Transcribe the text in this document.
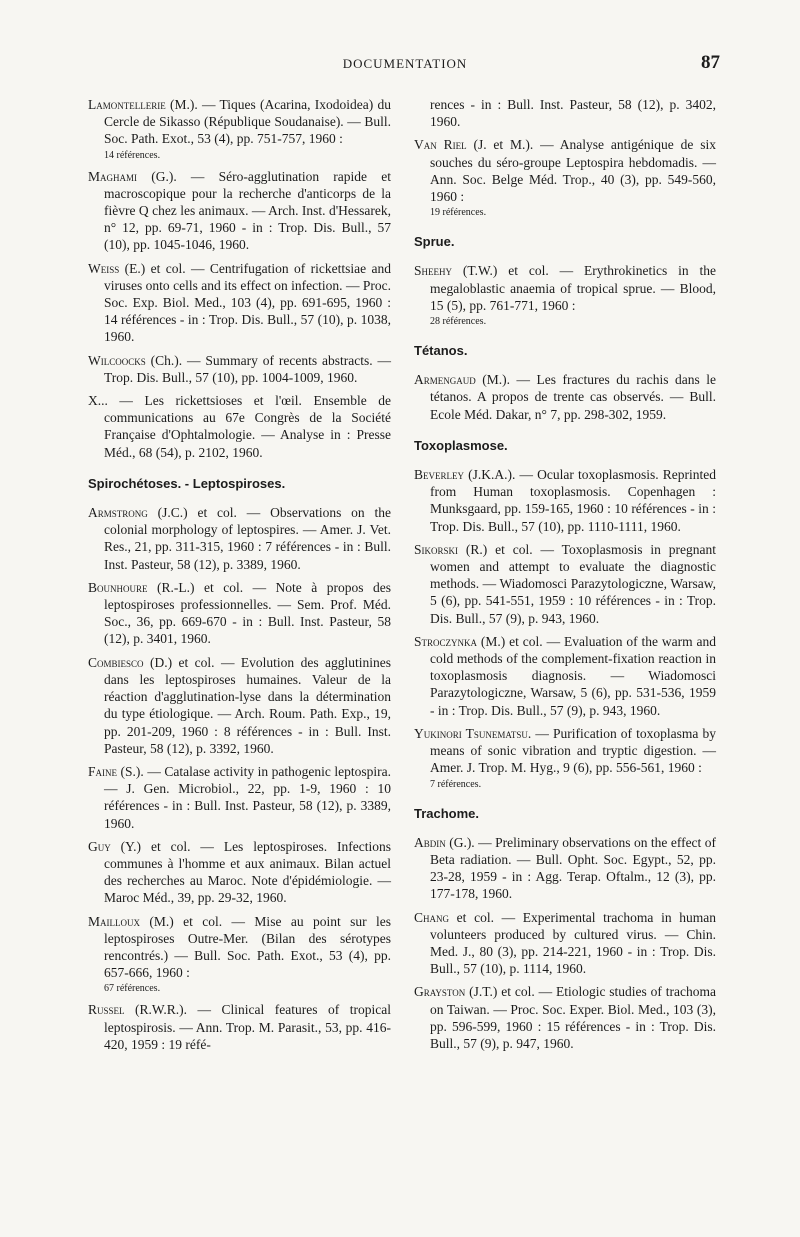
DOCUMENTATION	87
Lamontellerie (M.). — Tiques (Acarina, Ixodoidea) du Cercle de Sikasso (République Soudanaise). — Bull. Soc. Path. Exot., 53 (4), pp. 751-757, 1960 :
14 références.
Maghami (G.). — Séro-agglutination rapide et macroscopique pour la recherche d'anticorps de la fièvre Q chez les animaux. — Arch. Inst. d'Hessarek, n° 12, pp. 69-71, 1960 - in : Trop. Dis. Bull., 57 (10), pp. 1045-1046, 1960.
Weiss (E.) et col. — Centrifugation of rickettsiae and viruses onto cells and its effect on infection. — Proc. Soc. Exp. Biol. Med., 103 (4), pp. 691-695, 1960 : 14 références - in : Trop. Dis. Bull., 57 (10), p. 1038, 1960.
Wilcoocks (Ch.). — Summary of recents abstracts. — Trop. Dis. Bull., 57 (10), pp. 1004-1009, 1960.
X... — Les rickettsioses et l'œil. Ensemble de communications au 67e Congrès de la Société Française d'Ophtalmologie. — Analyse in : Presse Méd., 68 (54), p. 2102, 1960.
Spirochétoses. - Leptospiroses.
Armstrong (J.C.) et col. — Observations on the colonial morphology of leptospires. — Amer. J. Vet. Res., 21, pp. 311-315, 1960 : 7 références - in : Bull. Inst. Pasteur, 58 (12), p. 3389, 1960.
Bounhoure (R.-L.) et col. — Note à propos des leptospiroses professionnelles. — Sem. Prof. Méd. Soc., 36, pp. 669-670 - in : Bull. Inst. Pasteur, 58 (12), p. 3401, 1960.
Combiesco (D.) et col. — Evolution des agglutinines dans les leptospiroses humaines. Valeur de la réaction d'agglutination-lyse dans la détermination du type étiologique. — Arch. Roum. Path. Exp., 19, pp. 201-209, 1960 : 8 références - in : Bull. Inst. Pasteur, 58 (12), p. 3392, 1960.
Faine (S.). — Catalase activity in pathogenic leptospira. — J. Gen. Microbiol., 22, pp. 1-9, 1960 : 10 références - in : Bull. Inst. Pasteur, 58 (12), p. 3389, 1960.
Guy (Y.) et col. — Les leptospiroses. Infections communes à l'homme et aux animaux. Bilan actuel des recherches au Maroc. Note d'épidémiologie. — Maroc Méd., 39, pp. 29-32, 1960.
Mailloux (M.) et col. — Mise au point sur les leptospiroses Outre-Mer. (Bilan des sérotypes rencontrés.) — Bull. Soc. Path. Exot., 53 (4), pp. 657-666, 1960 :
67 références.
Russel (R.W.R.). — Clinical features of tropical leptospirosis. — Ann. Trop. M. Parasit., 53, pp. 416-420, 1959 : 19 réfé-
rences - in : Bull. Inst. Pasteur, 58 (12), p. 3402, 1960.
Van Riel (J. et M.). — Analyse antigénique de six souches du séro-groupe Leptospira hebdomadis. — Ann. Soc. Belge Méd. Trop., 40 (3), pp. 549-560, 1960 :
19 références.
Sprue.
Sheehy (T.W.) et col. — Erythrokinetics in the megaloblastic anaemia of tropical sprue. — Blood, 15 (5), pp. 761-771, 1960 :
28 références.
Tétanos.
Armengaud (M.). — Les fractures du rachis dans le tétanos. A propos de trente cas observés. — Bull. Ecole Méd. Dakar, n° 7, pp. 298-302, 1959.
Toxoplasmose.
Beverley (J.K.A.). — Ocular toxoplasmosis. Reprinted from Human toxoplasmosis. Copenhagen : Munksgaard, pp. 159-165, 1960 : 10 références - in : Trop. Dis. Bull., 57 (10), pp. 1110-1111, 1960.
Sikorski (R.) et col. — Toxoplasmosis in pregnant women and attempt to evaluate the diagnostic methods. — Wiadomosci Parazytologiczne, Warsaw, 5 (6), pp. 541-551, 1959 : 10 références - in : Trop. Dis. Bull., 57 (9), p. 943, 1960.
Stroczynka (M.) et col. — Evaluation of the warm and cold methods of the complement-fixation reaction in toxoplasmosis diagnosis. — Wiadomosci Parazytologiczne, Warsaw, 5 (6), pp. 531-536, 1959 - in : Trop. Dis. Bull., 57 (9), p. 943, 1960.
Yukinori Tsunematsu. — Purification of toxoplasma by means of sonic vibration and tryptic digestion. — Amer. J. Trop. M. Hyg., 9 (6), pp. 556-561, 1960 :
7 références.
Trachome.
Abdin (G.). — Preliminary observations on the effect of Beta radiation. — Bull. Opht. Soc. Egypt., 52, pp. 23-28, 1959 - in : Agg. Terap. Oftalm., 12 (3), pp. 177-178, 1960.
Chang et col. — Experimental trachoma in human volunteers produced by cultured virus. — Chin. Med. J., 80 (3), pp. 214-221, 1960 - in : Trop. Dis. Bull., 57 (10), p. 1114, 1960.
Grayston (J.T.) et col. — Etiologic studies of trachoma on Taiwan. — Proc. Soc. Exper. Biol. Med., 103 (3), pp. 596-599, 1960 : 15 références - in : Trop. Dis. Bull., 57 (9), p. 947, 1960.
